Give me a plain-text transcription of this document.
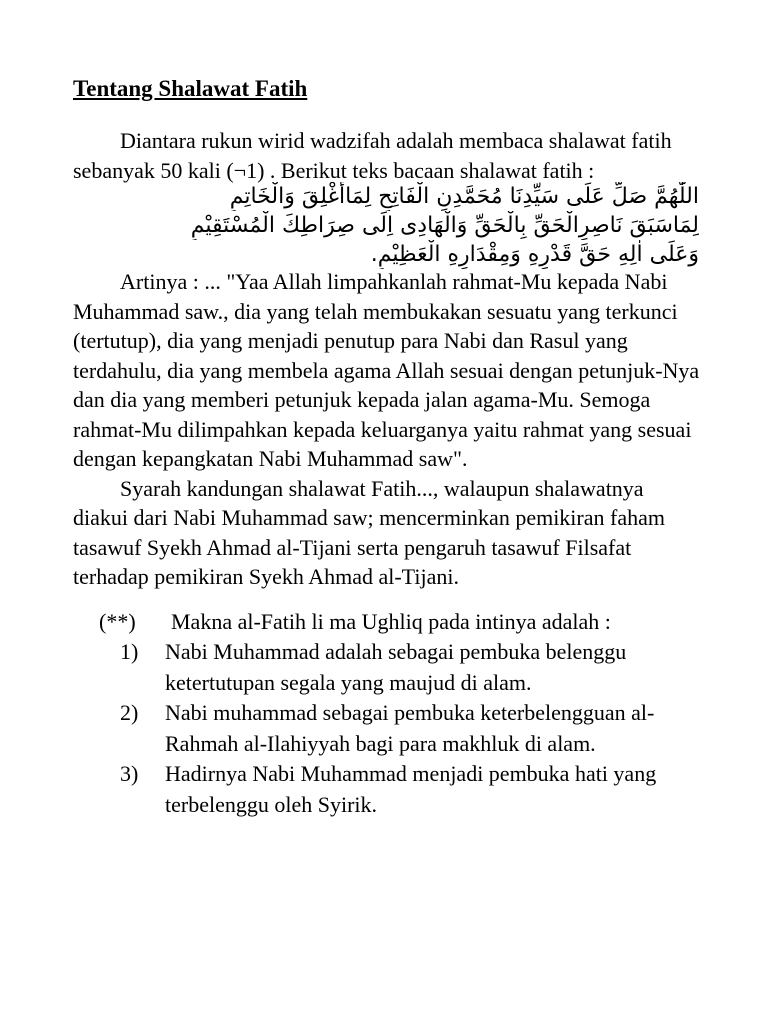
Tentang Shalawat Fatih

Diantara rukun wirid wadzifah adalah membaca shalawat fatih sebanyak 50 kali (¬1) . Berikut teks bacaan shalawat fatih :

اللّٰهُمَّ صَلِّ عَلَى سَيِّدِنَا مُحَمَّدِنِ الْفَاتِحِ لِمَاأُغْلِقَ وَالْخَاتِمِ
لِمَاسَبَقَ نَاصِرِالْحَقِّ بِالْحَقِّ وَالْهَادِى اِلَى صِرَاطِكَ الْمُسْتَقِيْمِ
وَعَلَى اٰلِهِ حَقَّ قَدْرِهِ وَمِقْدَارِهِ الْعَظِيْمِ.

Artinya : ... "Yaa Allah limpahkanlah rahmat-Mu kepada Nabi Muhammad saw., dia yang telah membukakan sesuatu yang terkunci (tertutup), dia yang menjadi penutup para Nabi dan Rasul yang terdahulu, dia yang membela agama Allah sesuai dengan petunjuk-Nya dan dia yang memberi petunjuk kepada jalan agama-Mu. Semoga rahmat-Mu dilimpahkan kepada keluarganya yaitu rahmat yang sesuai dengan kepangkatan Nabi Muhammad saw".

Syarah kandungan shalawat Fatih..., walaupun shalawatnya diakui dari Nabi Muhammad saw; mencerminkan pemikiran faham tasawuf Syekh Ahmad al-Tijani serta pengaruh tasawuf Filsafat terhadap pemikiran Syekh Ahmad al-Tijani.

(**) Makna al-Fatih li ma Ughliq pada intinya adalah :
1) Nabi Muhammad adalah sebagai pembuka belenggu ketertutupan segala yang maujud di alam.
2) Nabi muhammad sebagai pembuka keterbelengguan al-Rahmah al-Ilahiyyah bagi para makhluk di alam.
3) Hadirnya Nabi Muhammad menjadi pembuka hati yang terbelenggu oleh Syirik.
